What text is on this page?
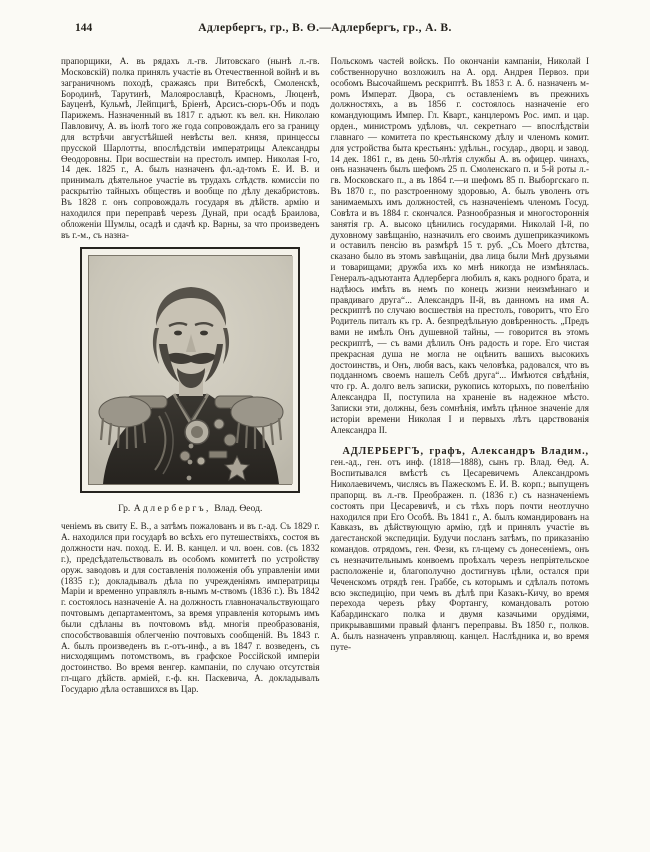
144	Адлербергъ, гр., В. Ө.—Адлербергъ, гр., А. В.

прапорщики, А. въ рядахъ л.-гв. Литовскаго (нынѣ л.-гв. Московскій) полка принялъ участіе въ Отечественной войнѣ и въ заграничномъ походѣ, сражаясь при Витебскѣ, Смоленскѣ, Бородинѣ, Тарутинѣ, Малоярославцѣ, Красномъ, Люценѣ, Бауценѣ, Кульмѣ, Лейпцигѣ, Бріенѣ, Арсисъ-сюръ-Объ и подъ Парижемъ. Назначенный въ 1817 г. адъют. къ вел. кн. Николаю Павловичу, А. въ іюлѣ того же года сопровождалъ его за границу для встрѣчи августѣйшей невѣсты вел. князя, принцессы прусской Шарлотты, впослѣдствіи императрицы Александры Өеодоровны. При восшествіи на престолъ импер. Николая I-го, 14 дек. 1825 г., А. былъ назначенъ фл.-ад-томъ Е. И. В. и принималъ дѣятельное участіе въ трудахъ слѣдств. комиссіи по раскрытію тайныхъ обществъ и вообще по дѣлу декабристовъ. Въ 1828 г. онъ сопровождалъ государя въ дѣйств. армію и находился при переправѣ черезъ Дунай, при осадѣ Браилова, обложеніи Шумлы, осадѣ и сдачѣ кр. Варны, за что произведенъ въ г.-м., съ назна-

Гр. Адлербергъ, Влад. Өеод.

ченіемъ въ свиту Е. В., а затѣмъ пожалованъ и въ г.-ад. Съ 1829 г. А. находился при государѣ во всѣхъ его путешествіяхъ, состоя въ должности нач. поход. Е. И. В. канцел. и чл. воен. сов. (съ 1832 г.), предсѣдательствовалъ въ особомъ комитетѣ по устройству оруж. заводовъ и для составленія положенія объ управленіи ими (1835 г.); докладывалъ дѣла по учрежденіямъ императрицы Маріи и временно управлялъ в-нымъ м-ствомъ (1836 г.). Въ 1842 г. состоялось назначеніе А. на должность главноначальствующаго почтовымъ департаментомъ, за время управленія которымъ имъ были сдѣланы въ почтовомъ вѣд. многія преобразованія, способствовавшія облегченію почтовыхъ сообщеній. Въ 1843 г. А. былъ произведенъ въ г.-отъ-инф., а въ 1847 г. возведенъ, съ нисходящимъ потомствомъ, въ графское Россійской имперіи достоинство. Во время венгер. кампаніи, по случаю отсутствія гл-щаго дѣйств. арміей, г.-ф. кн. Паскевича, А. докладывалъ Государю дѣла оставшихся въ Цар.

Польскомъ частей войскъ. По окончаніи кампаніи, Николай I собственноручно возложилъ на А. орд. Андрея Первоз. при особомъ Высочайшемъ рескриптѣ. Въ 1853 г. А. б. назначенъ м-ромъ Императ. Двора, съ оставленіемъ въ прежнихъ должностяхъ, а въ 1856 г. состоялось назначеніе его командующимъ Импер. Гл. Кварт., канцлеромъ Рос. имп. и цар. орден., министромъ удѣловъ, чл. секретнаго — впослѣдствіи главнаго — комитета по крестьянскому дѣлу и членомъ комит. для устройства быта крестьянъ: удѣльн., государ., дворц. и завод. 14 дек. 1861 г., въ день 50-лѣтія службы А. въ офицер. чинахъ, онъ назначенъ былъ шефомъ 25 п. Смоленскаго п. и 5-й роты л.-гв. Московскаго п., а въ 1864 г.—и шефомъ 85 п. Выборгскаго п. Въ 1870 г., по разстроенному здоровью, А. былъ уволенъ отъ занимаемыхъ имъ должностей, съ назначеніемъ членомъ Госуд. Совѣта и въ 1884 г. скончался. Разнообразныя и многостороннія занятія гр. А. высоко цѣнились государями. Николай I-й, по духовному завѣщанію, назначилъ его своимъ душеприказчикомъ и оставилъ пенсію въ размѣрѣ 15 т. руб. „Съ Моего дѣтства, сказано было въ этомъ завѣщаніи, два лица были Мнѣ друзьями и товарищами; дружба ихъ ко мнѣ никогда не измѣнялась. Генералъ-адъютанта Адлерберга любилъ я, какъ родного брата, и надѣюсь имѣть въ немъ по конецъ жизни неизмѣннаго и правдиваго друга“... Александръ II-й, въ данномъ на имя А. рескриптѣ по случаю восшествія на престолъ, говоритъ, что Его Родитель питалъ къ гр. А. безпредѣльную довѣренность. „Предъ вами не имѣлъ Онъ душевной тайны, — говорится въ этомъ рескриптѣ, — съ вами дѣлилъ Онъ радость и горе. Его чистая прекрасная душа не могла не оцѣнить вашихъ высокихъ достоинствъ, и Онъ, любя васъ, какъ человѣка, радовался, что въ подданномъ своемъ нашелъ Себѣ друга“... Имѣются свѣдѣнія, что гр. А. долго велъ записки, рукопись которыхъ, по повелѣнію Александра II, поступила на храненіе въ надежное мѣсто. Записки эти, должны, безъ сомнѣнія, имѣть цѣнное значеніе для исторіи времени Николая I и первыхъ лѣтъ царствованія Александра II.

АДЛЕРБЕРГЪ, графъ, Александръ Владим., ген.-ад., ген. отъ инф. (1818—1888), сынъ гр. Влад. Өед. А. Воспитывался вмѣстѣ съ Цесаревичемъ Александромъ Николаевичемъ, числясь въ Пажескомъ Е. И. В. корп.; выпущенъ прапорщ. въ л.-гв. Преображен. п. (1836 г.) съ назначеніемъ состоять при Цесаревичѣ, и съ тѣхъ поръ почти неотлучно находился при Его Особѣ. Въ 1841 г., А. былъ командированъ на Кавказъ, въ дѣйствующую армію, гдѣ и принялъ участіе въ дагестанской экспедиціи. Будучи посланъ затѣмъ, по приказанію командов. отрядомъ, ген. Фези, къ гл-щему съ донесеніемъ, онъ съ незначительнымъ конвоемъ проѣхалъ черезъ непріятельское расположеніе и, благополучно достигнувъ цѣли, остался при Чеченскомъ отрядѣ ген. Граббе, съ которымъ и сдѣлалъ потомъ всю экспедицію, при чемъ въ дѣлѣ при Казакъ-Кичу, во время перехода черезъ рѣку Фортангу, командовалъ ротою Кабардинскаго полка и двумя казачьими орудіями, прикрывавшими правый флангъ переправы. Въ 1850 г., полков. А. былъ назначенъ управляющ. канцел. Наслѣдника и, во время путе-
